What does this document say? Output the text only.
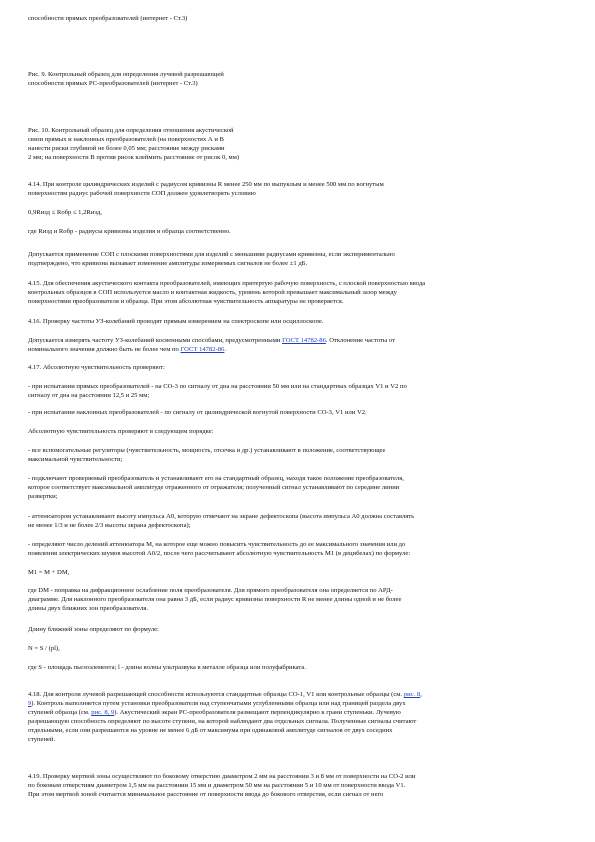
способности прямых преобразователей (интернет - Ст.3)
Рис. 9. Контрольный образец для определения лучевой разрешающей
способности прямых РС-преобразователей (интернет - Ст.3)
Рис. 10. Контрольный образец для определения отношения акустической
связи прямых и наклонных преобразователей (на поверхностях А и В
нанести риски глубиной не более 0,05 мм; расстояние между рисками
2 мм; на поверхности В против рисок клеймить расстояние от рисок 0, мм)
4.14. При контроле цилиндрических изделий с радиусом кривизны R менее 250 мм по выпуклым и менее 500 мм по вогнутым
поверхностям радиус рабочей поверхности СОП должен удовлетворять условию
0,9Rизд ≤ Rобр ≤ 1,2Rизд,
где Rизд и Rобр - радиусы кривизны изделия и образца соответственно.
Допускается применение СОП с плоскими поверхностями для изделий с меньшими радиусами кривизны, если экспериментально
подтверждено, что кривизна вызывает изменение амплитуды измеряемых сигналов не более ±1 дБ.
4.15. Для обеспечения акустического контакта преобразователей, имеющих притертую рабочую поверхность, с плоской поверхностью ввода
контрольных образцов в СОП используется масло и контактная жидкость, уровень которой превышает максимальный зазор между
поверхностями преобразователя и образца. При этом абсолютная чувствительность аппаратуры не проверяется.
4.16. Проверку частоты УЗ-колебаний проводят прямым измерением на спектроскопе или осциллоскопе.
Допускается измерять частоту УЗ-колебаний косвенными способами, предусмотренными ГОСТ 14782-86. Отклонение частоты от
номинального значения должно быть не более чем по ГОСТ 14782-86.
4.17. Абсолютную чувствительность проверяют:
- при испытании прямых преобразователей - на СО-3 по сигналу от дна на расстоянии 50 мм или на стандартных образцах V1 и V2 по
сигналу от дна на расстоянии 12,5 и 25 мм;
- при испытании наклонных преобразователей - по сигналу от цилиндрической вогнутой поверхности СО-3, V1 или V2.
Абсолютную чувствительность проверяют в следующем порядке:
- все вспомогательные регуляторы (чувствительность, мощность, отсечка и др.) устанавливают в положение, соответствующее
максимальной чувствительности;
- подключают проверяемый преобразователь и устанавливают его на стандартный образец, находя такое положение преобразователя,
которое соответствует максимальной амплитуде отраженного от отражателя; полученный сигнал устанавливают по середине линии
развертки;
- аттенюатором устанавливают высоту импульса А0, которую отмечают на экране дефектоскопа (высота импульса А0 должна составлять
не менее 1/3 и не более 2/3 высоты экрана дефектоскопа);
- определяют число делений аттенюатора М, на которое еще можно повысить чувствительность до ее максимального значения или до
появления электрических шумов высотой A0/2, после чего рассчитывают абсолютную чувствительность М1 (в децибелах) по формуле:
M1 = M + DM,
где DM - поправка на дифракционное ослабление поля преобразователя. Для прямого преобразователя она определяется по АРД-
диаграмме. Для наклонного преобразователя она равна 3 дБ, если радиус кривизны поверхности R не менее длины одной и не более
длины двух ближних зон преобразователя.
Длину ближней зоны определяют по формуле:
N = S / (pl),
где S - площадь пьезоэлемента; l - длина волны ультразвука в металле образца или полуфабриката.
4.18. Для контроля лучевой разрешающей способности используются стандартные образцы СО-1, V1 или контрольные образцы (см. рис. 8,
9). Контроль выполняется путем установки преобразователя над ступенчатыми углубленными образца или над границей раздела двух
ступеней образца (см. рис. 8, 9). Акустический экран РС-преобразователя размещают перпендикулярно к грани ступеньки. Лучевую
разрешающую способность определяют по высоте ступени, на которой наблюдают два отдельных сигнала. Полученные сигналы считают
отдельными, если они разрешаются на уровне не менее 6 дБ от максимума при одинаковой амплитуде сигналов от двух соседних
ступеней.
4.19. Проверку мертвой зоны осуществляют по боковому отверстию диаметром 2 мм на расстоянии 3 и 8 мм от поверхности на СО-2 или
по боковым отверстиям диаметром 1,5 мм на расстоянии 15 мм и диаметром 50 мм на расстоянии 5 и 10 мм от поверхности ввода V1.
При этом мертвой зоной считается минимальное расстояние от поверхности ввода до бокового отверстия, если сигнал от него
